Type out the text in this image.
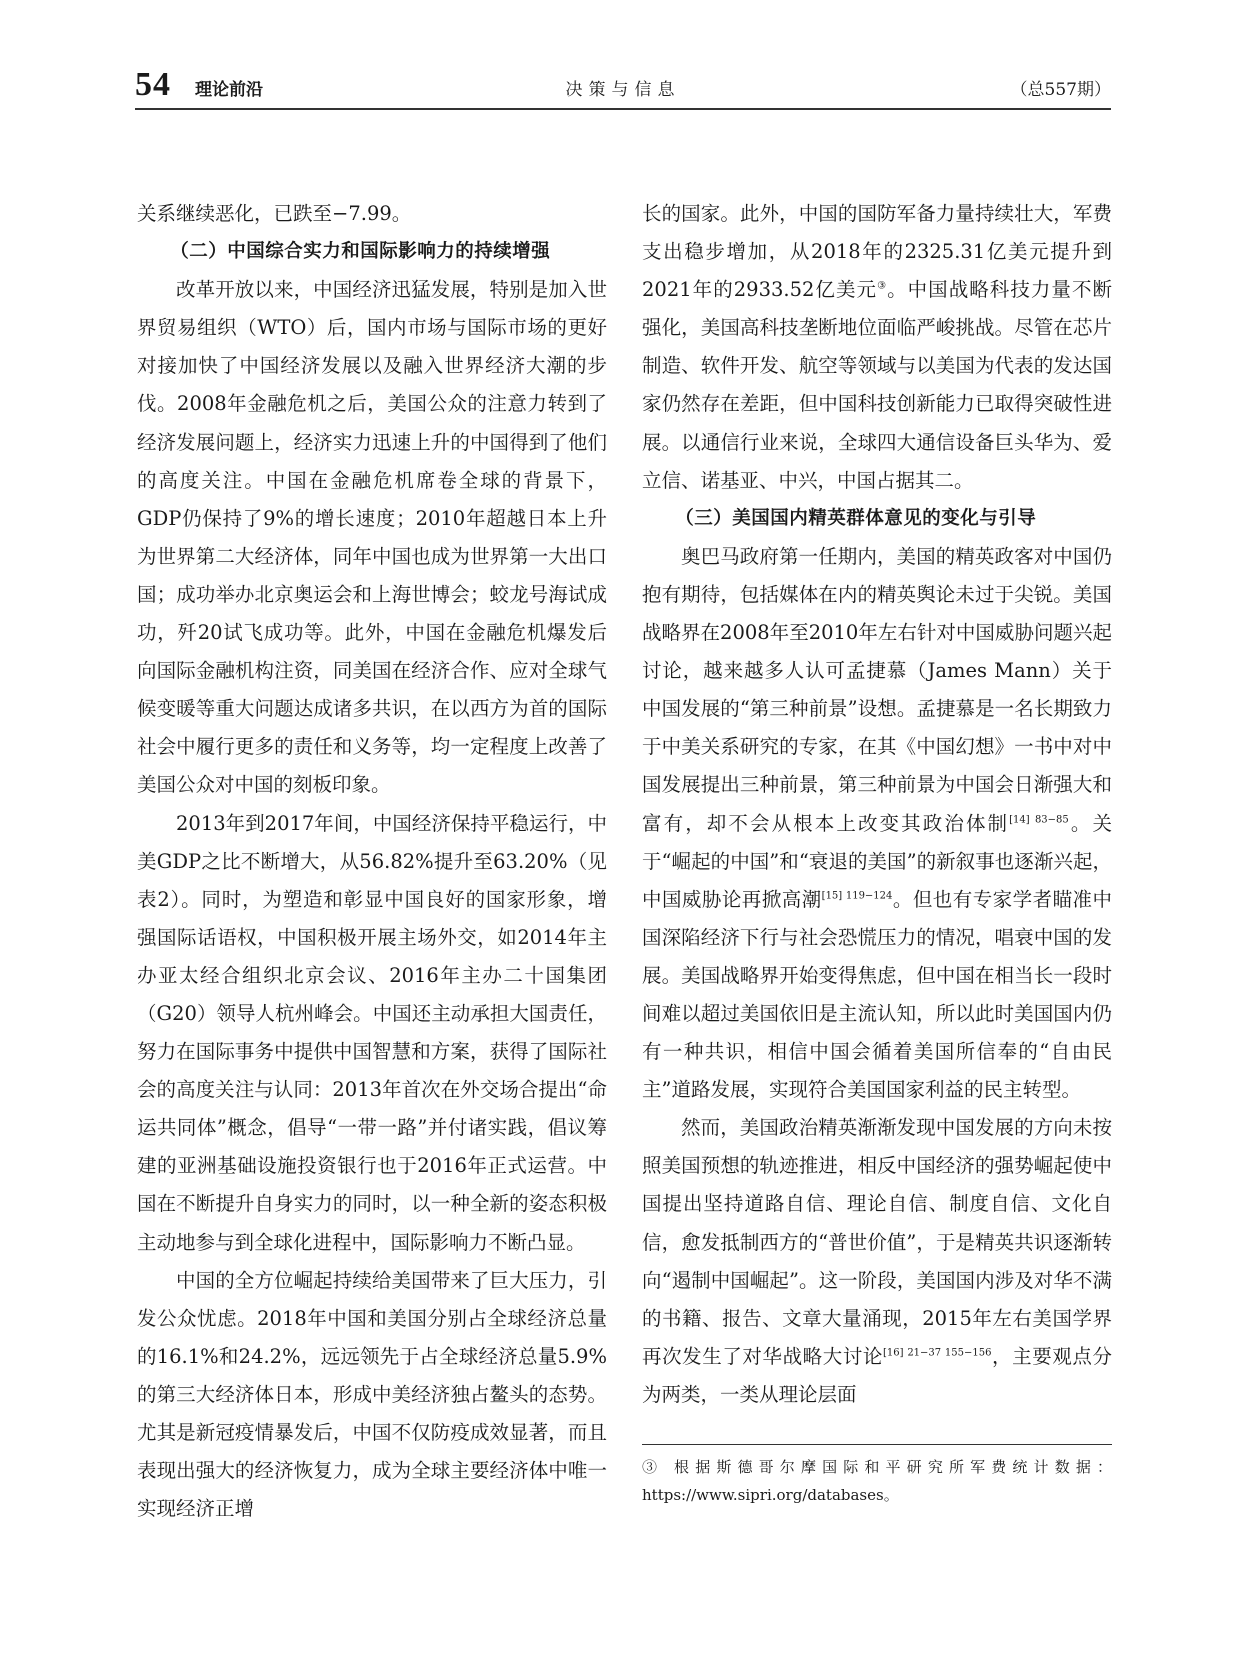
54 理论前沿	决策与信息	（总557期）

关系继续恶化，已跌至−7.99。

（二）中国综合实力和国际影响力的持续增强

改革开放以来，中国经济迅猛发展，特别是加入世界贸易组织（WTO）后，国内市场与国际市场的更好对接加快了中国经济发展以及融入世界经济大潮的步伐。2008年金融危机之后，美国公众的注意力转到了经济发展问题上，经济实力迅速上升的中国得到了他们的高度关注。中国在金融危机席卷全球的背景下，GDP仍保持了9%的增长速度；2010年超越日本上升为世界第二大经济体，同年中国也成为世界第一大出口国；成功举办北京奥运会和上海世博会；蛟龙号海试成功，歼20试飞成功等。此外，中国在金融危机爆发后向国际金融机构注资，同美国在经济合作、应对全球气候变暖等重大问题达成诸多共识，在以西方为首的国际社会中履行更多的责任和义务等，均一定程度上改善了美国公众对中国的刻板印象。

2013年到2017年间，中国经济保持平稳运行，中美GDP之比不断增大，从56.82%提升至63.20%（见表2）。同时，为塑造和彰显中国良好的国家形象，增强国际话语权，中国积极开展主场外交，如2014年主办亚太经合组织北京会议、2016年主办二十国集团（G20）领导人杭州峰会。中国还主动承担大国责任，努力在国际事务中提供中国智慧和方案，获得了国际社会的高度关注与认同：2013年首次在外交场合提出“命运共同体”概念，倡导“一带一路”并付诸实践，倡议筹建的亚洲基础设施投资银行也于2016年正式运营。中国在不断提升自身实力的同时，以一种全新的姿态积极主动地参与到全球化进程中，国际影响力不断凸显。

中国的全方位崛起持续给美国带来了巨大压力，引发公众忧虑。2018年中国和美国分别占全球经济总量的16.1%和24.2%，远远领先于占全球经济总量5.9%的第三大经济体日本，形成中美经济独占鳌头的态势。尤其是新冠疫情暴发后，中国不仅防疫成效显著，而且表现出强大的经济恢复力，成为全球主要经济体中唯一实现经济正增

长的国家。此外，中国的国防军备力量持续壮大，军费支出稳步增加，从2018年的2325.31亿美元提升到2021年的2933.52亿美元③。中国战略科技力量不断强化，美国高科技垄断地位面临严峻挑战。尽管在芯片制造、软件开发、航空等领域与以美国为代表的发达国家仍然存在差距，但中国科技创新能力已取得突破性进展。以通信行业来说，全球四大通信设备巨头华为、爱立信、诺基亚、中兴，中国占据其二。

（三）美国国内精英群体意见的变化与引导

奥巴马政府第一任期内，美国的精英政客对中国仍抱有期待，包括媒体在内的精英舆论未过于尖锐。美国战略界在2008年至2010年左右针对中国威胁问题兴起讨论，越来越多人认可孟捷慕（James Mann）关于中国发展的“第三种前景”设想。孟捷慕是一名长期致力于中美关系研究的专家，在其《中国幻想》一书中对中国发展提出三种前景，第三种前景为中国会日渐强大和富有，却不会从根本上改变其政治体制$^{[14] 83-85}$。关于“崛起的中国”和“衰退的美国”的新叙事也逐渐兴起，中国威胁论再掀高潮$^{[15] 119-124}$。但也有专家学者瞄准中国深陷经济下行与社会恐慌压力的情况，唱衰中国的发展。美国战略界开始变得焦虑，但中国在相当长一段时间难以超过美国依旧是主流认知，所以此时美国国内仍有一种共识，相信中国会循着美国所信奉的“自由民主”道路发展，实现符合美国国家利益的民主转型。

然而，美国政治精英渐渐发现中国发展的方向未按照美国预想的轨迹推进，相反中国经济的强势崛起使中国提出坚持道路自信、理论自信、制度自信、文化自信，愈发抵制西方的“普世价值”，于是精英共识逐渐转向“遏制中国崛起”。这一阶段，美国国内涉及对华不满的书籍、报告、文章大量涌现，2015年左右美国学界再次发生了对华战略大讨论$^{[16] 21-37 155-156}$，主要观点分为两类，一类从理论层面

③ 根据斯德哥尔摩国际和平研究所军费统计数据：https://www.sipri.org/databases。
